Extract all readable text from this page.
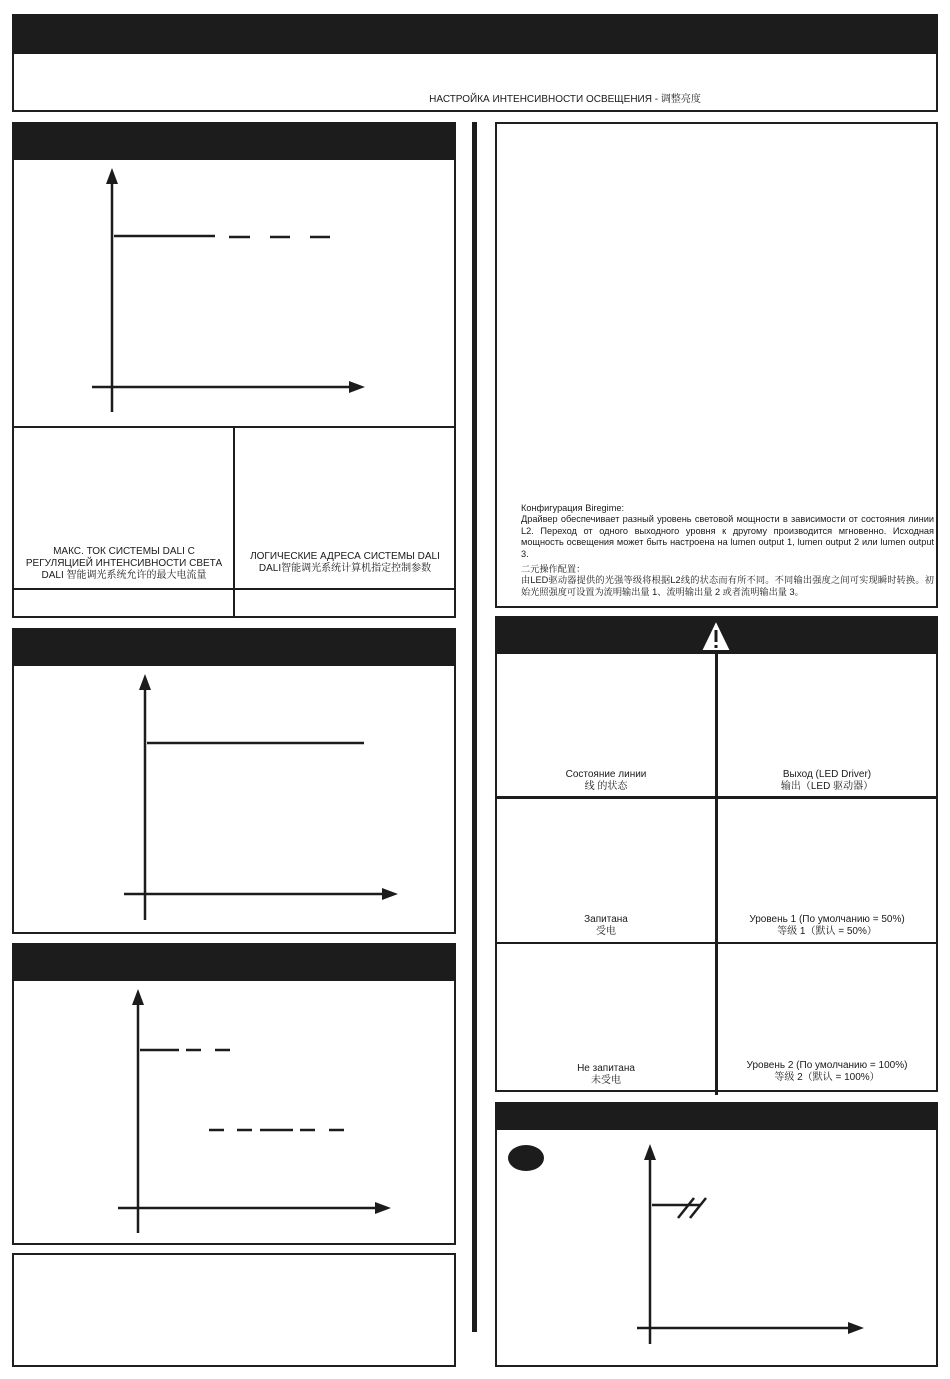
НАСТРОЙКА ИНТЕНСИВНОСТИ ОСВЕЩЕНИЯ - 调整亮度
МАКС. ТОК СИСТЕМЫ DALI С
РЕГУЛЯЦИЕЙ ИНТЕНСИВНОСТИ СВЕТА
DALI 智能调光系统允许的最大电流量
ЛОГИЧЕСКИЕ АДРЕСА СИСТЕМЫ DALI
DALI智能调光系统计算机指定控制参数
Конфигурация Biregime:
Драйвер обеспечивает разный уровень световой мощности в зависимости от состояния линии L2. Переход от одного выходного уровня к другому производится мгновенно. Исходная мощность освещения может быть настроена на lumen output 1, lumen output 2 или lumen output 3.
二元操作配置：
由LED驱动器提供的光强等级将根据L2线的状态而有所不同。不同输出强度之间可实现瞬时转换。初始光照强度可设置为流明输出量 1、流明输出量 2 或者流明输出量 3。
Состояние линии
线 的状态
Выход (LED Driver)
输出（LED 驱动器）
Запитана
受电
Уровень 1 (По умолчанию = 50%)
等级 1（默认 = 50%）
Не запитана
未受电
Уровень 2 (По умолчанию = 100%)
等级 2（默认 = 100%）
